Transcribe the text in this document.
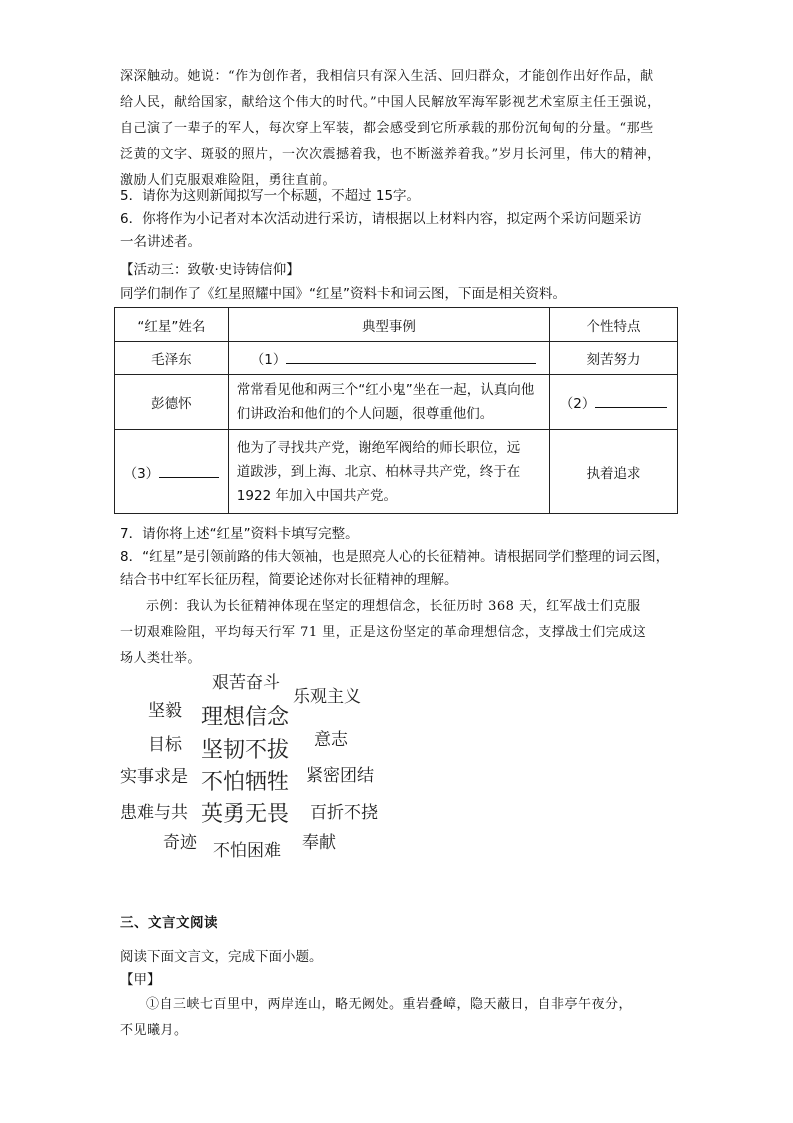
深深触动。她说：“作为创作者，我相信只有深入生活、回归群众，才能创作出好作品，献
给人民，献给国家，献给这个伟大的时代。”中国人民解放军海军影视艺术室原主任王强说，
自己演了一辈子的军人，每次穿上军装，都会感受到它所承载的那份沉甸甸的分量。“那些
泛黄的文字、斑驳的照片，一次次震撼着我，也不断滋养着我。”岁月长河里，伟大的精神，
激励人们克服艰难险阻，勇往直前。
5．请你为这则新闻拟写一个标题，不超过 15字。
6．你将作为小记者对本次活动进行采访，请根据以上材料内容，拟定两个采访问题采访
一名讲述者。
【活动三：致敬·史诗铸信仰】
同学们制作了《红星照耀中国》“红星”资料卡和词云图，下面是相关资料。
“红星”姓名	典型事例	个性特点
毛泽东	（1）	刻苦努力
彭德怀	常常看见他和两三个“红小鬼”坐在一起，认真向他
们讲政治和他们的个人问题，很尊重他们。	（2）
（3）	他为了寻找共产党，谢绝军阀给的师长职位，远
道跋涉，到上海、北京、柏林寻共产党，终于在
1922 年加入中国共产党。	执着追求
7．请你将上述“红星”资料卡填写完整。
8．“红星”是引领前路的伟大领袖，也是照亮人心的长征精神。请根据同学们整理的词云图，
结合书中红军长征历程，简要论述你对长征精神的理解。
示例：我认为长征精神体现在坚定的理想信念，长征历时 368 天，红军战士们克服
一切艰难险阻，平均每天行军 71 里，正是这份坚定的革命理想信念，支撑战士们完成这
场人类壮举。
艰苦奋斗
乐观主义
坚毅 理想信念
目标	意志
坚韧不拔
实事求是 不怕牺牲 紧密团结
患难与共 英勇无畏 百折不挠
奇迹 不怕困难 奉献
三、文言文阅读
阅读下面文言文，完成下面小题。
【甲】
①自三峡七百里中，两岸连山，略无阙处。重岩叠嶂，隐天蔽日，自非亭午夜分，
不见曦月。
